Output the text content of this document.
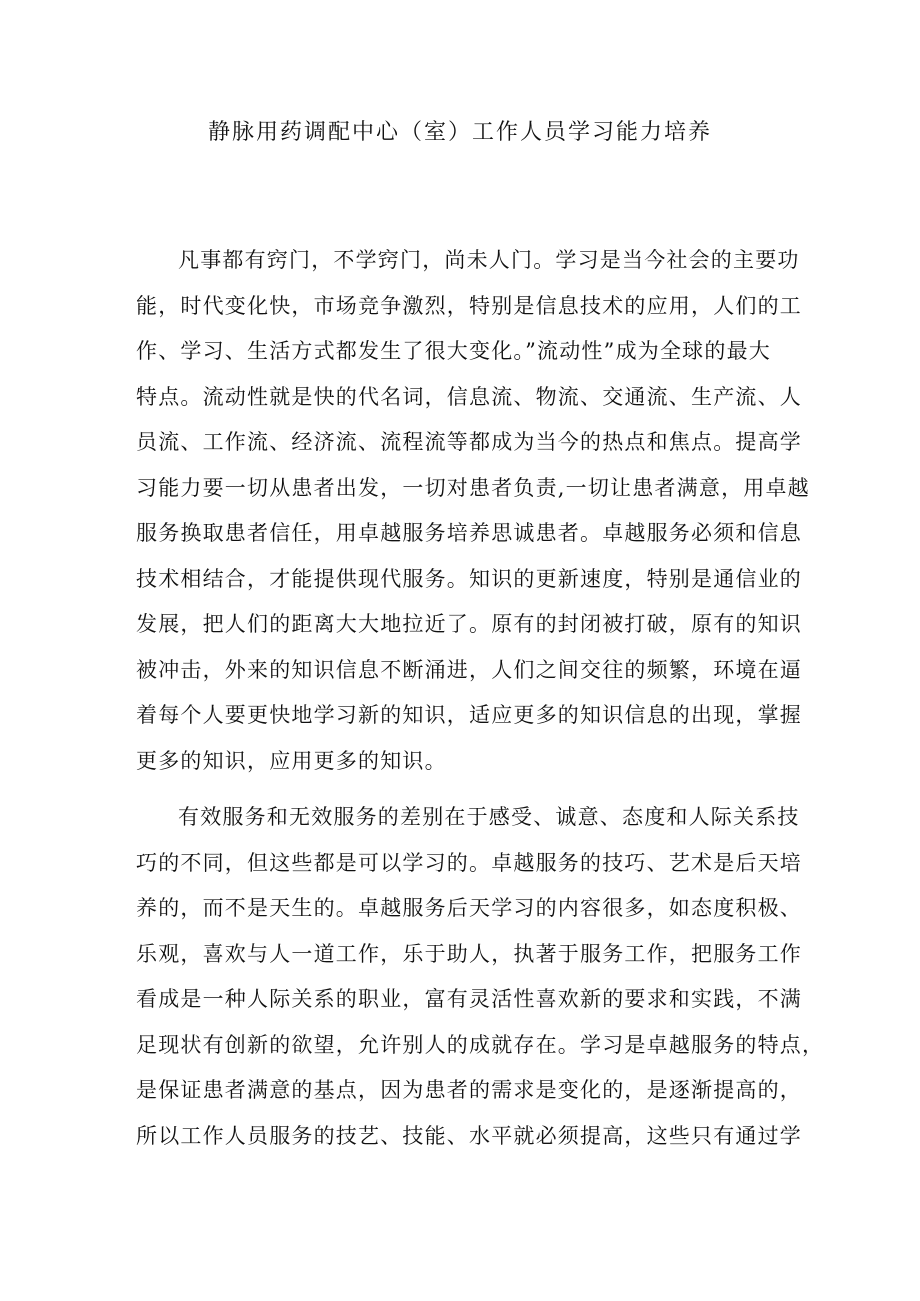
静脉用药调配中心（室）工作人员学习能力培养
凡事都有窍门，不学窍门，尚未人门。学习是当今社会的主要功
能，时代变化快，市场竞争激烈，特别是信息技术的应用，人们的工
作、学习、生活方式都发生了很大变化。”流动性”成为全球的最大
特点。流动性就是快的代名词，信息流、物流、交通流、生产流、人
员流、工作流、经济流、流程流等都成为当今的热点和焦点。提高学
习能力要一切从患者出发，一切对患者负责,一切让患者满意，用卓越
服务换取患者信任，用卓越服务培养思诚患者。卓越服务必须和信息
技术相结合，才能提供现代服务。知识的更新速度，特别是通信业的
发展，把人们的距离大大地拉近了。原有的封闭被打破，原有的知识
被冲击，外来的知识信息不断涌进，人们之间交往的频繁，环境在逼
着每个人要更快地学习新的知识，适应更多的知识信息的出现，掌握
更多的知识，应用更多的知识。
有效服务和无效服务的差别在于感受、诚意、态度和人际关系技
巧的不同，但这些都是可以学习的。卓越服务的技巧、艺术是后天培
养的，而不是天生的。卓越服务后天学习的内容很多，如态度积极、
乐观，喜欢与人一道工作，乐于助人，执著于服务工作，把服务工作
看成是一种人际关系的职业，富有灵活性喜欢新的要求和实践，不满
足现状有创新的欲望，允许别人的成就存在。学习是卓越服务的特点，
是保证患者满意的基点，因为患者的需求是变化的，是逐渐提高的，
所以工作人员服务的技艺、技能、水平就必须提高，这些只有通过学
